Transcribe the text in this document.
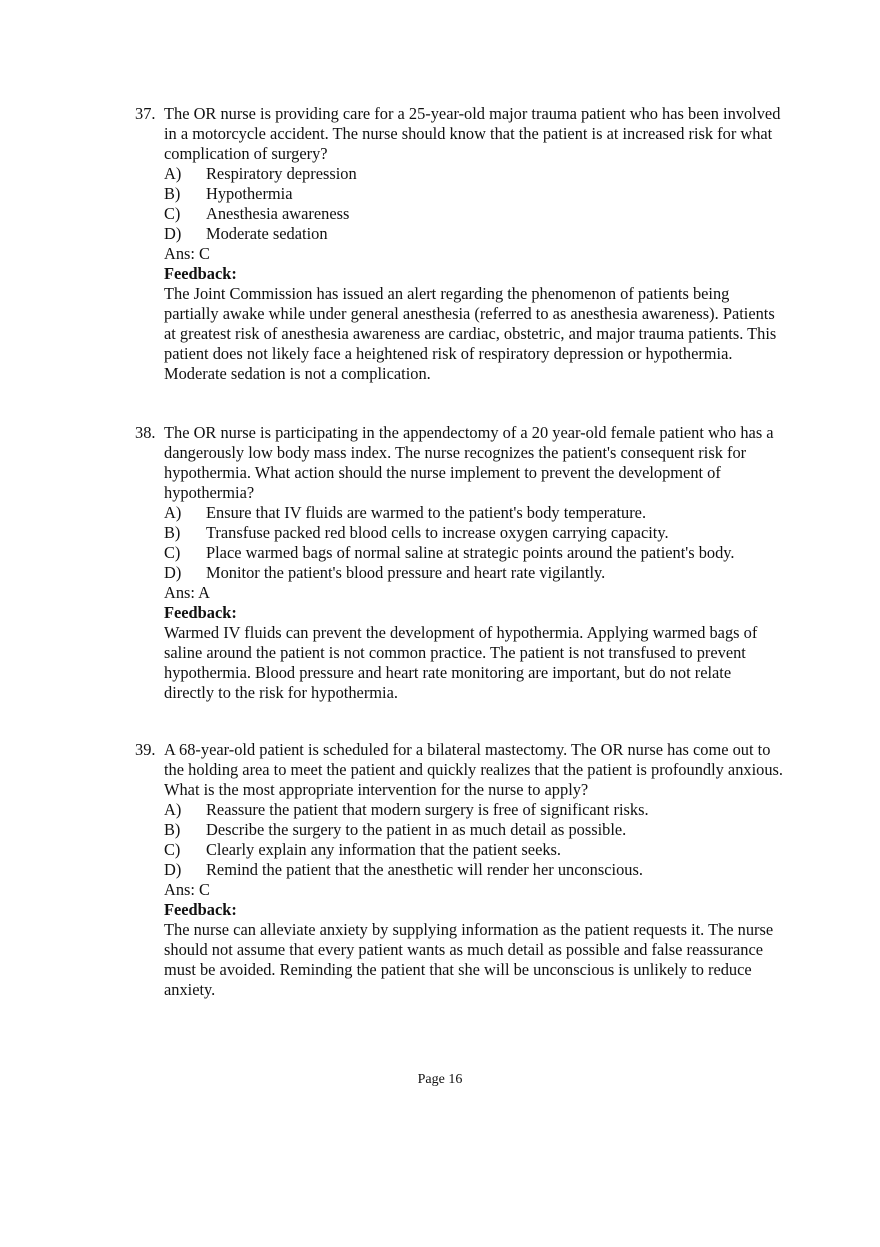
37. The OR nurse is providing care for a 25-year-old major trauma patient who has been involved in a motorcycle accident. The nurse should know that the patient is at increased risk for what complication of surgery?
A)	Respiratory depression
B)	Hypothermia
C)	Anesthesia awareness
D)	Moderate sedation
Ans: C
Feedback:
The Joint Commission has issued an alert regarding the phenomenon of patients being partially awake while under general anesthesia (referred to as anesthesia awareness). Patients at greatest risk of anesthesia awareness are cardiac, obstetric, and major trauma patients. This patient does not likely face a heightened risk of respiratory depression or hypothermia. Moderate sedation is not a complication.
38. The OR nurse is participating in the appendectomy of a 20 year-old female patient who has a dangerously low body mass index. The nurse recognizes the patient's consequent risk for hypothermia. What action should the nurse implement to prevent the development of hypothermia?
A)	Ensure that IV fluids are warmed to the patient's body temperature.
B)	Transfuse packed red blood cells to increase oxygen carrying capacity.
C)	Place warmed bags of normal saline at strategic points around the patient's body.
D)	Monitor the patient's blood pressure and heart rate vigilantly.
Ans: A
Feedback:
Warmed IV fluids can prevent the development of hypothermia. Applying warmed bags of saline around the patient is not common practice. The patient is not transfused to prevent hypothermia. Blood pressure and heart rate monitoring are important, but do not relate directly to the risk for hypothermia.
39. A 68-year-old patient is scheduled for a bilateral mastectomy. The OR nurse has come out to the holding area to meet the patient and quickly realizes that the patient is profoundly anxious. What is the most appropriate intervention for the nurse to apply?
A)	Reassure the patient that modern surgery is free of significant risks.
B)	Describe the surgery to the patient in as much detail as possible.
C)	Clearly explain any information that the patient seeks.
D)	Remind the patient that the anesthetic will render her unconscious.
Ans: C
Feedback:
The nurse can alleviate anxiety by supplying information as the patient requests it. The nurse should not assume that every patient wants as much detail as possible and false reassurance must be avoided. Reminding the patient that she will be unconscious is unlikely to reduce anxiety.
Page 16
